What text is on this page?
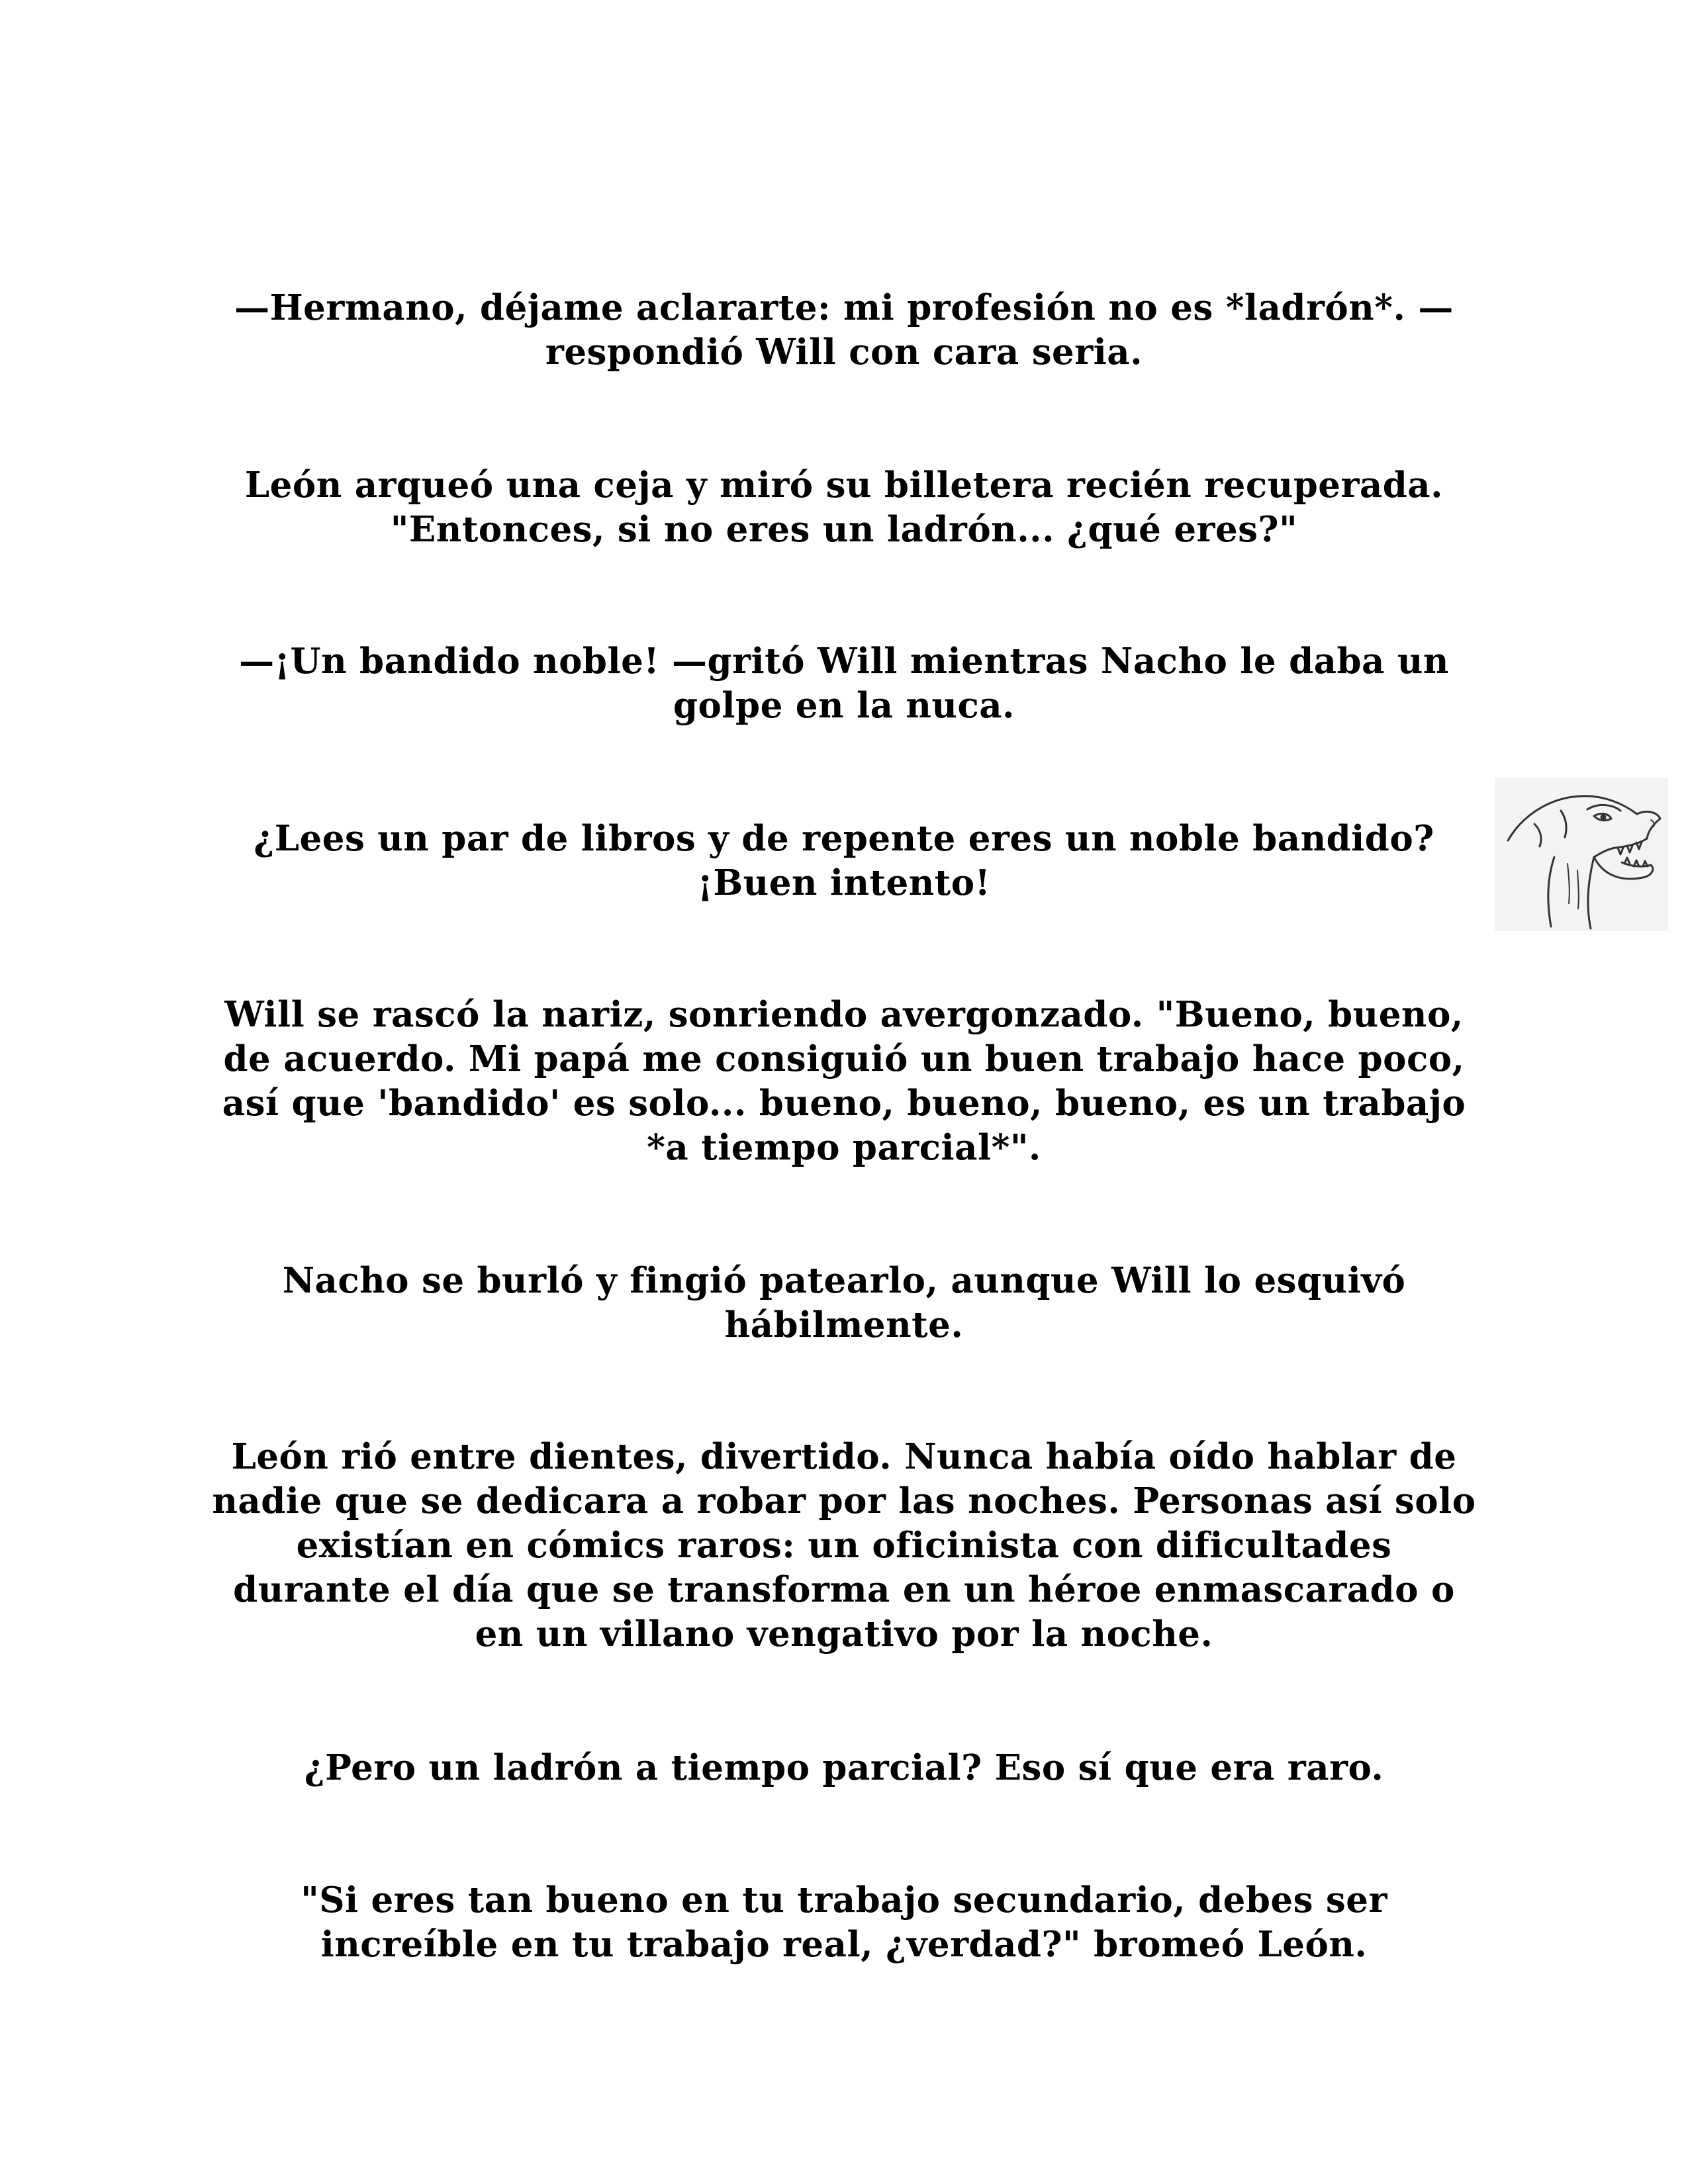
—Hermano, déjame aclararte: mi profesión no es *ladrón*. —
respondió Will con cara seria.

León arqueó una ceja y miró su billetera recién recuperada.
"Entonces, si no eres un ladrón... ¿qué eres?"

—¡Un bandido noble! —gritó Will mientras Nacho le daba un
golpe en la nuca.

¿Lees un par de libros y de repente eres un noble bandido?
¡Buen intento!

Will se rascó la nariz, sonriendo avergonzado. "Bueno, bueno,
de acuerdo. Mi papá me consiguió un buen trabajo hace poco,
así que 'bandido' es solo... bueno, bueno, bueno, es un trabajo
*a tiempo parcial*".

Nacho se burló y fingió patearlo, aunque Will lo esquivó
hábilmente.

León rió entre dientes, divertido. Nunca había oído hablar de
nadie que se dedicara a robar por las noches. Personas así solo
existían en cómics raros: un oficinista con dificultades
durante el día que se transforma en un héroe enmascarado o
en un villano vengativo por la noche.

¿Pero un ladrón a tiempo parcial? Eso sí que era raro.

"Si eres tan bueno en tu trabajo secundario, debes ser
increíble en tu trabajo real, ¿verdad?" bromeó León.
